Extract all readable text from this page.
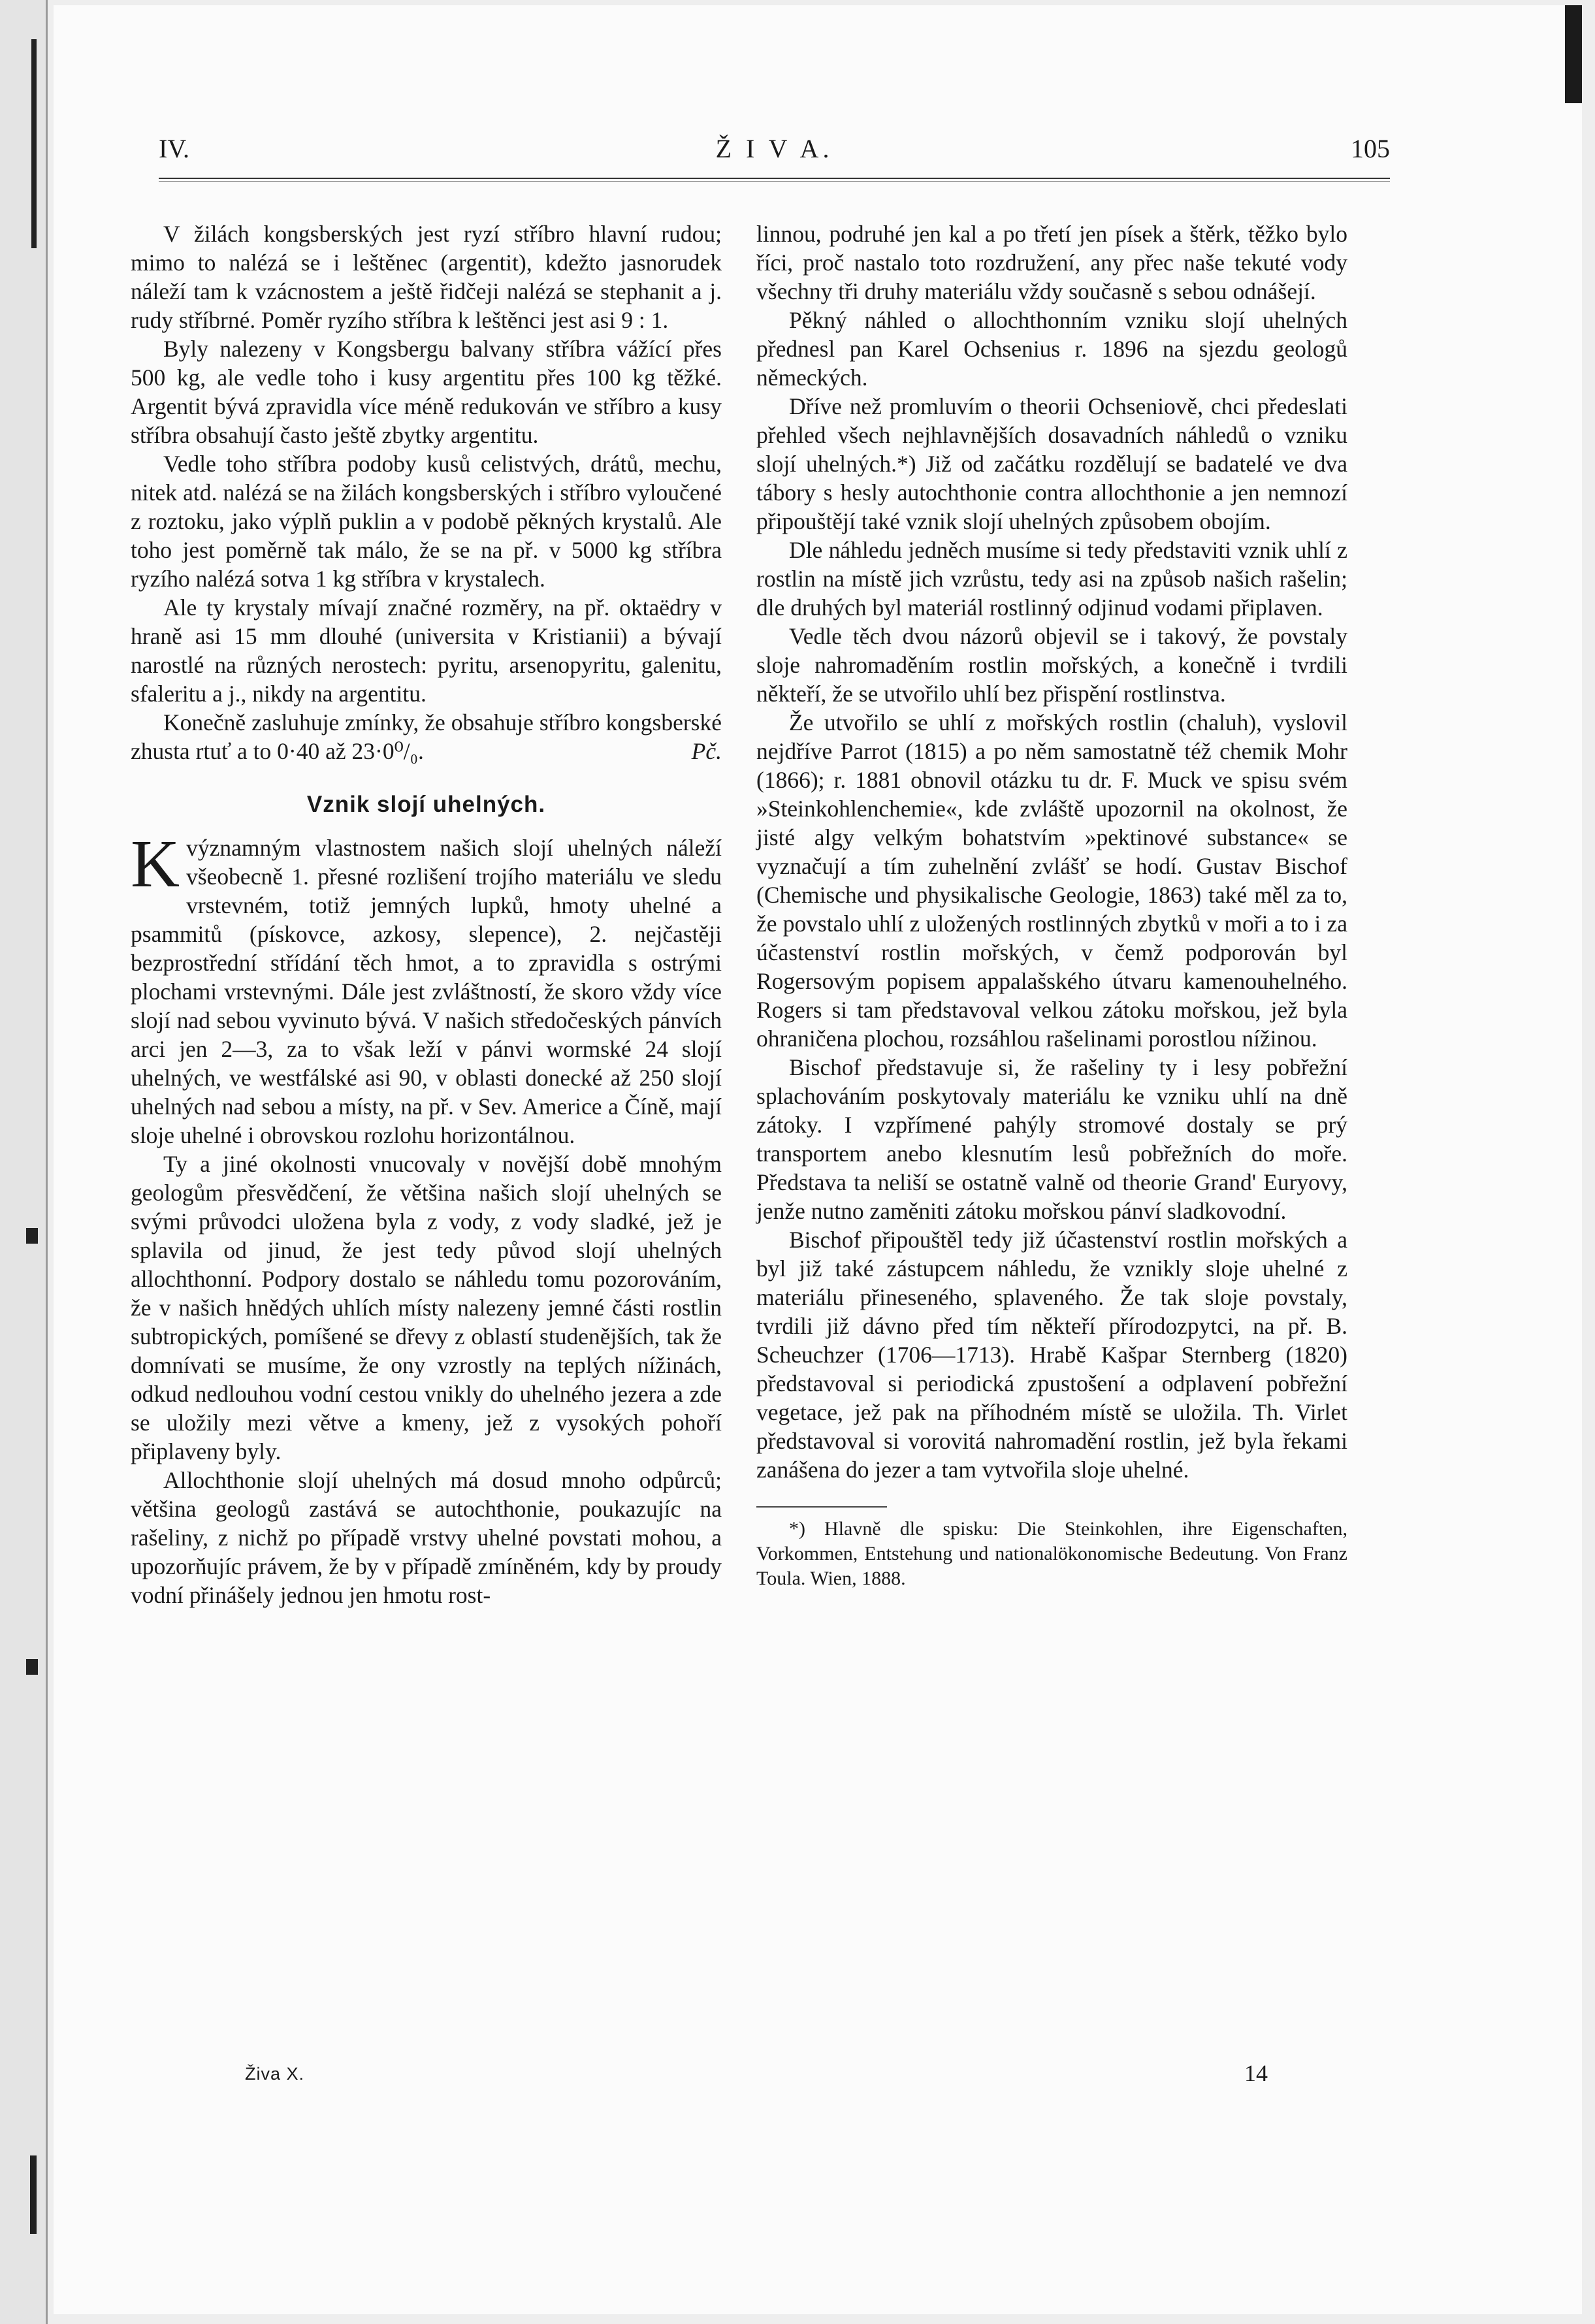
IV.	Ž I V A.	105

V žilách kongsberských jest ryzí stříbro hlavní rudou; mimo to nalézá se i leštěnec (argentit), kdežto jasnorudek náleží tam k vzácnostem a ještě řidčeji nalézá se stephanit a j. rudy stříbrné. Poměr ryzího stříbra k leštěnci jest asi 9 : 1.

Byly nalezeny v Kongsbergu balvany stříbra vážící přes 500 kg, ale vedle toho i kusy argentitu přes 100 kg těžké. Argentit bývá zpravidla více méně redukován ve stříbro a kusy stříbra obsahují často ještě zbytky argentitu.

Vedle toho stříbra podoby kusů celistvých, drátů, mechu, nitek atd. nalézá se na žilách kongsberských i stříbro vyloučené z roztoku, jako výplň puklin a v podobě pěkných krystalů. Ale toho jest poměrně tak málo, že se na př. v 5000 kg stříbra ryzího nalézá sotva 1 kg stříbra v krystalech.

Ale ty krystaly mívají značné rozměry, na př. oktaëdry v hraně asi 15 mm dlouhé (universita v Kristianii) a bývají narostlé na různých nerostech: pyritu, arsenopyritu, galenitu, sfaleritu a j., nikdy na argentitu.

Konečně zasluhuje zmínky, že obsahuje stříbro kongsberské zhusta rtuť a to 0·40 až 23·0⁰/₀.	Pč.
Vznik slojí uhelných.

Kvýznamným vlastnostem našich slojí uhelných náleží všeobecně 1. přesné rozlišení trojího materiálu ve sledu vrstevném, totiž jemných lupků, hmoty uhelné a psammitů (pískovce, azkosy, slepence), 2. nejčastěji bezprostřední střídání těch hmot, a to zpravidla s ostrými plochami vrstevnými. Dále jest zvláštností, že skoro vždy více slojí nad sebou vyvinuto bývá. V našich středočeských pánvích arci jen 2—3, za to však leží v pánvi wormské 24 slojí uhelných, ve westfálské asi 90, v oblasti donecké až 250 slojí uhelných nad sebou a místy, na př. v Sev. Americe a Číně, mají sloje uhelné i obrovskou rozlohu horizontálnou.

Ty a jiné okolnosti vnucovaly v novější době mnohým geologům přesvědčení, že většina našich slojí uhelných se svými průvodci uložena byla z vody, z vody sladké, jež je splavila od jinud, že jest tedy původ slojí uhelných allochthonní. Podpory dostalo se náhledu tomu pozorováním, že v našich hnědých uhlích místy nalezeny jemné části rostlin subtropických, pomíšené se dřevy z oblastí studenějších, tak že domnívati se musíme, že ony vzrostly na teplých nížinách, odkud nedlouhou vodní cestou vnikly do uhelného jezera a zde se uložily mezi větve a kmeny, jež z vysokých pohoří připlaveny byly.

Allochthonie slojí uhelných má dosud mnoho odpůrců; většina geologů zastává se autochthonie, poukazujíc na rašeliny, z nichž po případě vrstvy uhelné povstati mohou, a upozorňujíc právem, že by v případě zmíněném, kdy by proudy vodní přinášely jednou jen hmotu rost-

linnou, podruhé jen kal a po třetí jen písek a štěrk, těžko bylo říci, proč nastalo toto rozdružení, any přec naše tekuté vody všechny tři druhy materiálu vždy současně s sebou odnášejí.

Pěkný náhled o allochthonním vzniku slojí uhelných přednesl pan Karel Ochsenius r. 1896 na sjezdu geologů německých.

Dříve než promluvím o theorii Ochseniově, chci předeslati přehled všech nejhlavnějších dosavadních náhledů o vzniku slojí uhelných.*) Již od začátku rozdělují se badatelé ve dva tábory s hesly autochthonie contra allochthonie a jen nemnozí připouštějí také vznik slojí uhelných způsobem obojím.

Dle náhledu jedněch musíme si tedy představiti vznik uhlí z rostlin na místě jich vzrůstu, tedy asi na způsob našich rašelin; dle druhých byl materiál rostlinný odjinud vodami připlaven.

Vedle těch dvou názorů objevil se i takový, že povstaly sloje nahromaděním rostlin mořských, a konečně i tvrdili někteří, že se utvořilo uhlí bez přispění rostlinstva.

Že utvořilo se uhlí z mořských rostlin (chaluh), vyslovil nejdříve Parrot (1815) a po něm samostatně též chemik Mohr (1866); r. 1881 obnovil otázku tu dr. F. Muck ve spisu svém »Steinkohlenchemie«, kde zvláště upozornil na okolnost, že jisté algy velkým bohatstvím »pektinové substance« se vyznačují a tím zuhelnění zvlášť se hodí. Gustav Bischof (Chemische und physikalische Geologie, 1863) také měl za to, že povstalo uhlí z uložených rostlinných zbytků v moři a to i za účastenství rostlin mořských, v čemž podporován byl Rogersovým popisem appalašského útvaru kamenouhelného. Rogers si tam představoval velkou zátoku mořskou, jež byla ohraničena plochou, rozsáhlou rašelinami porostlou nížinou.

Bischof představuje si, že rašeliny ty i lesy pobřežní splachováním poskytovaly materiálu ke vzniku uhlí na dně zátoky. I vzpřímené pahýly stromové dostaly se prý transportem anebo klesnutím lesů pobřežních do moře. Představa ta neliší se ostatně valně od theorie Grand' Euryovy, jenže nutno zaměniti zátoku mořskou pánví sladkovodní.

Bischof připouštěl tedy již účastenství rostlin mořských a byl již také zástupcem náhledu, že vznikly sloje uhelné z materiálu přineseného, splaveného. Že tak sloje povstaly, tvrdili již dávno před tím někteří přírodozpytci, na př. B. Scheuchzer (1706—1713). Hrabě Kašpar Sternberg (1820) představoval si periodická zpustošení a odplavení pobřežní vegetace, jež pak na příhodném místě se uložila. Th. Virlet představoval si vorovitá nahromadění rostlin, jež byla řekami zanášena do jezer a tam vytvořila sloje uhelné.

*) Hlavně dle spisku: Die Steinkohlen, ihre Eigenschaften, Vorkommen, Entstehung und nationalökonomische Bedeutung. Von Franz Toula. Wien, 1888.
Živa X.	14
